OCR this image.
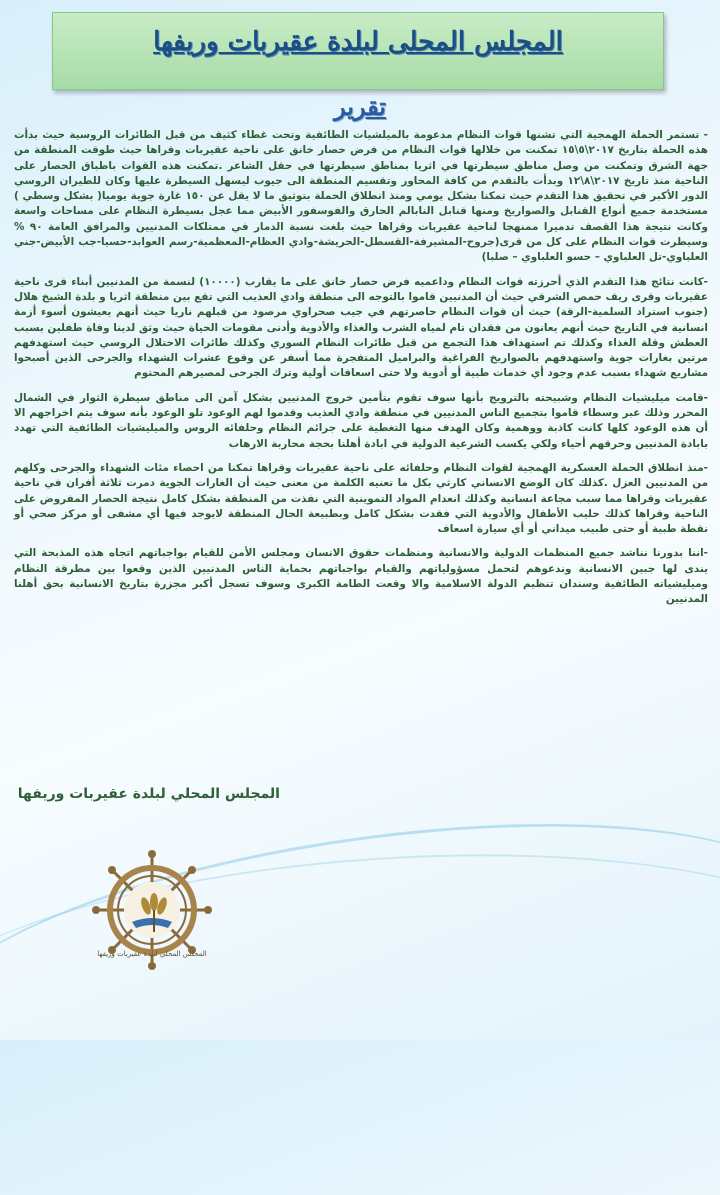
المجلس المحلى لبلدة عقيربات وريفها
تقرير

- تستمر الحملة الهمجية التي تشنها قوات النظام مدعومة بالميلشيات الطائفية وتحت غطاء كثيف من قبل الطائرات الروسية حيث بدأت هذه الحملة بتاريخ ٢٠١٧\٥\١٥ تمكنت من خلالها قوات النظام من فرض حصار خانق على ناحية عقيربات وقراها حيث طوقت المنطقة من جهة الشرق وتمكنت من وصل مناطق سيطرتها في اثريا بمناطق سيطرتها في حقل الشاعر .تمكنت هذه القوات باطباق الحصار على الناحية منذ تاريخ ٢٠١٧\٨\١٢ وبدأت بالتقدم من كافة المحاور وتقسيم المنطقة الى جيوب ليسهل السيطرة عليها وكان للطيران الروسي الدور الأكبر في تحقيق هذا التقدم حيث تمكنا بشكل يومي ومنذ انطلاق الحملة بتوثيق ما لا يقل عن ١٥٠ غارة جوية يوميا( بشكل وسطي ) مستخدمة جميع أنواع القنابل والصواريخ ومنها قنابل النابالم الحارق والفوسفور الأبيض مما عجل بسيطرة النظام على مساحات واسعة وكانت نتيجة هذا القصف تدميرا ممنهجا لناحية عقيربات وقراها حيث بلغت نسبة الدمار في ممتلكات المدنيين والمرافق العامة ٩٠ % وسيطرت قوات النظام على كل من قرى(جروح-المشيرفة-القسطل-الحريشة-وادي العظام-المعظمية-رسم العوابد-حسيا-جب الأبيض-جني العلباوي-تل العلباوي – حسو العلباوي – صلبا)

-كانت نتائج هذا التقدم الذي أحرزته قوات النظام وداعميه فرض حصار خانق على ما يقارب (١٠٠٠٠) لنسمة من المدنيين أبناء قرى ناحية عقيربات وقرى ريف حمص الشرقي حيث أن المدنيين قاموا بالتوجه الى منطقة وادي العذيب التي تقع بين منطقة اثريا و بلدة الشيخ هلال (جنوب استراد السلمية-الرقة) حيث أن قوات النظام حاصرتهم في جيب صحراوي مرصود من قبلهم ناريا حيث أنهم يعيشون أسوء أزمة انسانية في التاريخ حيث أنهم يعانون من فقدان تام لمياه الشرب والغذاء والأدوية وأدنى مقومات الحياة حيث وثق لدينا وفاة طفلين بسبب العطش وقلة الغذاء وكذلك تم استهداف هذا التجمع من قبل طائرات النظام السوري وكذلك طائرات الاحتلال الروسي حيث استهدفهم مرتين بغارات جوية واستهدفهم بالصواريخ الفراغية والبراميل المتفجرة مما أسفر عن وقوع عشرات الشهداء والجرحى الذين أصبحوا مشاريع شهداء بسبب عدم وجود أي خدمات طبية أو أدوية ولا حتى اسعافات أولية وترك الجرحى لمصيرهم المحتوم

-قامت ميليشيات النظام وشبيحته بالترويج بأنها سوف تقوم بتأمين خروج المدنيين بشكل آمن الى مناطق سيطرة الثوار في الشمال المحرر وذلك عبر وسطاء قاموا بتجميع الناس المدنيين في منطقة وادي العذيب وقدموا لهم الوعود تلو الوعود بأنه سوف يتم اخراجهم الا أن هذه الوعود كلها كانت كاذبة ووهمية وكان الهدف منها التغطية على جرائم النظام وحلفائه الروس والميليشيات الطائفية التي تهدد بابادة المدنيين وحرقهم أحياء ولكي يكسب الشرعية الدولية في ابادة أهلنا بحجة محاربة الارهاب

-منذ انطلاق الحملة العسكرية الهمجية لقوات النظام وحلفائه على ناحية عقيربات وقراها تمكنا من احصاء مئات الشهداء والجرحى وكلهم من المدنيين العزل .كذلك كان الوضع الانساني كارثي بكل ما تعنيه الكلمة من معنى حيث أن الغارات الجوية دمرت ثلاثة أفران في ناحية عقيربات وقراها مما سبب مجاعة انسانية وكذلك انعدام المواد التموينية التي نفذت من المنطقة بشكل كامل نتيجة الحصار المفروض على الناحية وقراها كذلك حليب الأطفال والأدوية التي فقدت بشكل كامل وبطبيعة الحال المنطقة لايوجد فيها أي مشفى أو مركز صحي أو نقطة طبية أو حتى طبيب ميداني أو أي سيارة اسعاف

-اننا بدورنا نناشد جميع المنظمات الدولية والانسانية ومنظمات حقوق الانسان ومجلس الأمن للقيام بواجباتهم اتجاه هذه المذبحة التي يندى لها جبين الانسانية وندعوهم لتحمل مسؤولياتهم والقيام بواجباتهم بحماية الناس المدنيين الذين وقعوا بين مطرقة النظام وميليشياته الطائفية وسندان تنظيم الدولة الاسلامية والا وقعت الطامة الكبرى وسوف تسجل أكبر مجزرة بتاريخ الانسانية بحق أهلنا المدنيين

المجلس المحلي لبلدة عقيربات وريفها
المجلس المحلي لبلدة عقيربات وريفها
